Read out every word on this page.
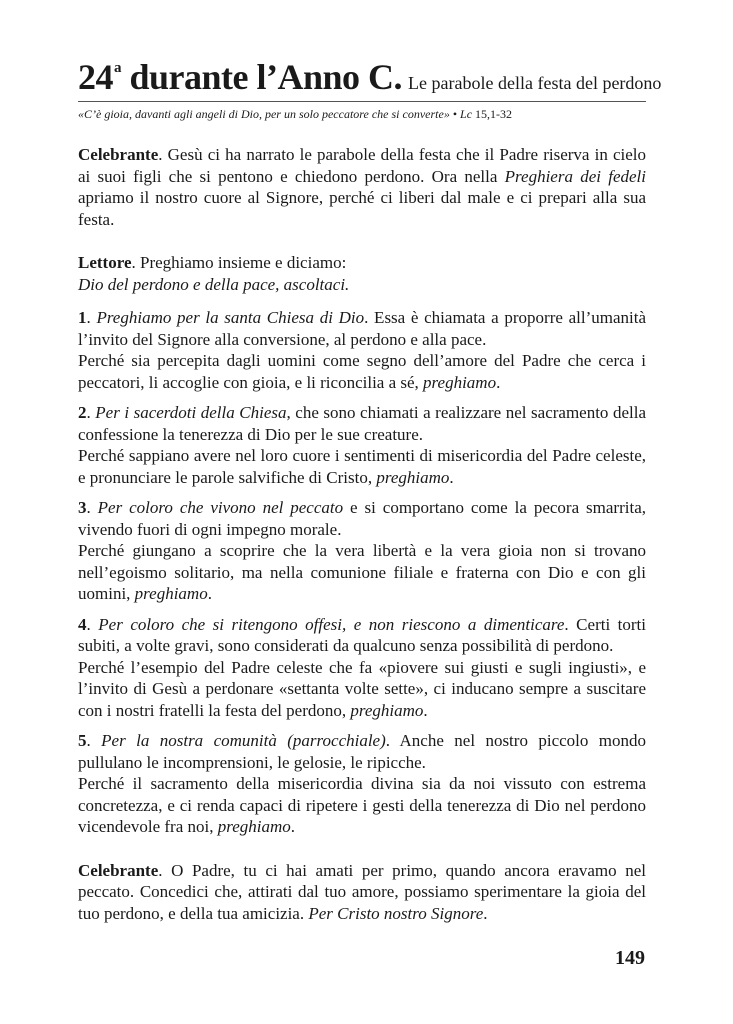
24$^a$ durante l’Anno C. Le parabole della festa del perdono
«C’è gioia, davanti agli angeli di Dio, per un solo peccatore che si converte» • Lc 15,1-32

Celebrante. Gesù ci ha narrato le parabole della festa che il Padre riserva in cielo ai suoi figli che si pentono e chiedono perdono. Ora nella Preghiera dei fedeli apriamo il nostro cuore al Signore, perché ci liberi dal male e ci prepari alla sua festa.

Lettore. Preghiamo insieme e diciamo:

Dio del perdono e della pace, ascoltaci.

1. Preghiamo per la santa Chiesa di Dio. Essa è chiamata a proporre all’umanità l’invito del Signore alla conversione, al perdono e alla pace.

Perché sia percepita dagli uomini come segno dell’amore del Padre che cerca i peccatori, li accoglie con gioia, e li riconcilia a sé, preghiamo.

2. Per i sacerdoti della Chiesa, che sono chiamati a realizzare nel sacramento della confessione la tenerezza di Dio per le sue creature.

Perché sappiano avere nel loro cuore i sentimenti di misericordia del Padre celeste, e pronunciare le parole salvifiche di Cristo, preghiamo.

3. Per coloro che vivono nel peccato e si comportano come la pecora smarrita, vivendo fuori di ogni impegno morale.

Perché giungano a scoprire che la vera libertà e la vera gioia non si trovano nell’egoismo solitario, ma nella comunione filiale e fraterna con Dio e con gli uomini, preghiamo.

4. Per coloro che si ritengono offesi, e non riescono a dimenticare. Certi torti subiti, a volte gravi, sono considerati da qualcuno senza possibilità di perdono.

Perché l’esempio del Padre celeste che fa «piovere sui giusti e sugli ingiusti», e l’invito di Gesù a perdonare «settanta volte sette», ci inducano sempre a suscitare con i nostri fratelli la festa del perdono, preghiamo.

5. Per la nostra comunità (parrocchiale). Anche nel nostro piccolo mondo pullulano le incomprensioni, le gelosie, le ripicche.

Perché il sacramento della misericordia divina sia da noi vissuto con estrema concretezza, e ci renda capaci di ripetere i gesti della tenerezza di Dio nel perdono vicendevole fra noi, preghiamo.

Celebrante. O Padre, tu ci hai amati per primo, quando ancora eravamo nel peccato. Concedici che, attirati dal tuo amore, possiamo sperimentare la gioia del tuo perdono, e della tua amicizia. Per Cristo nostro Signore.

149
